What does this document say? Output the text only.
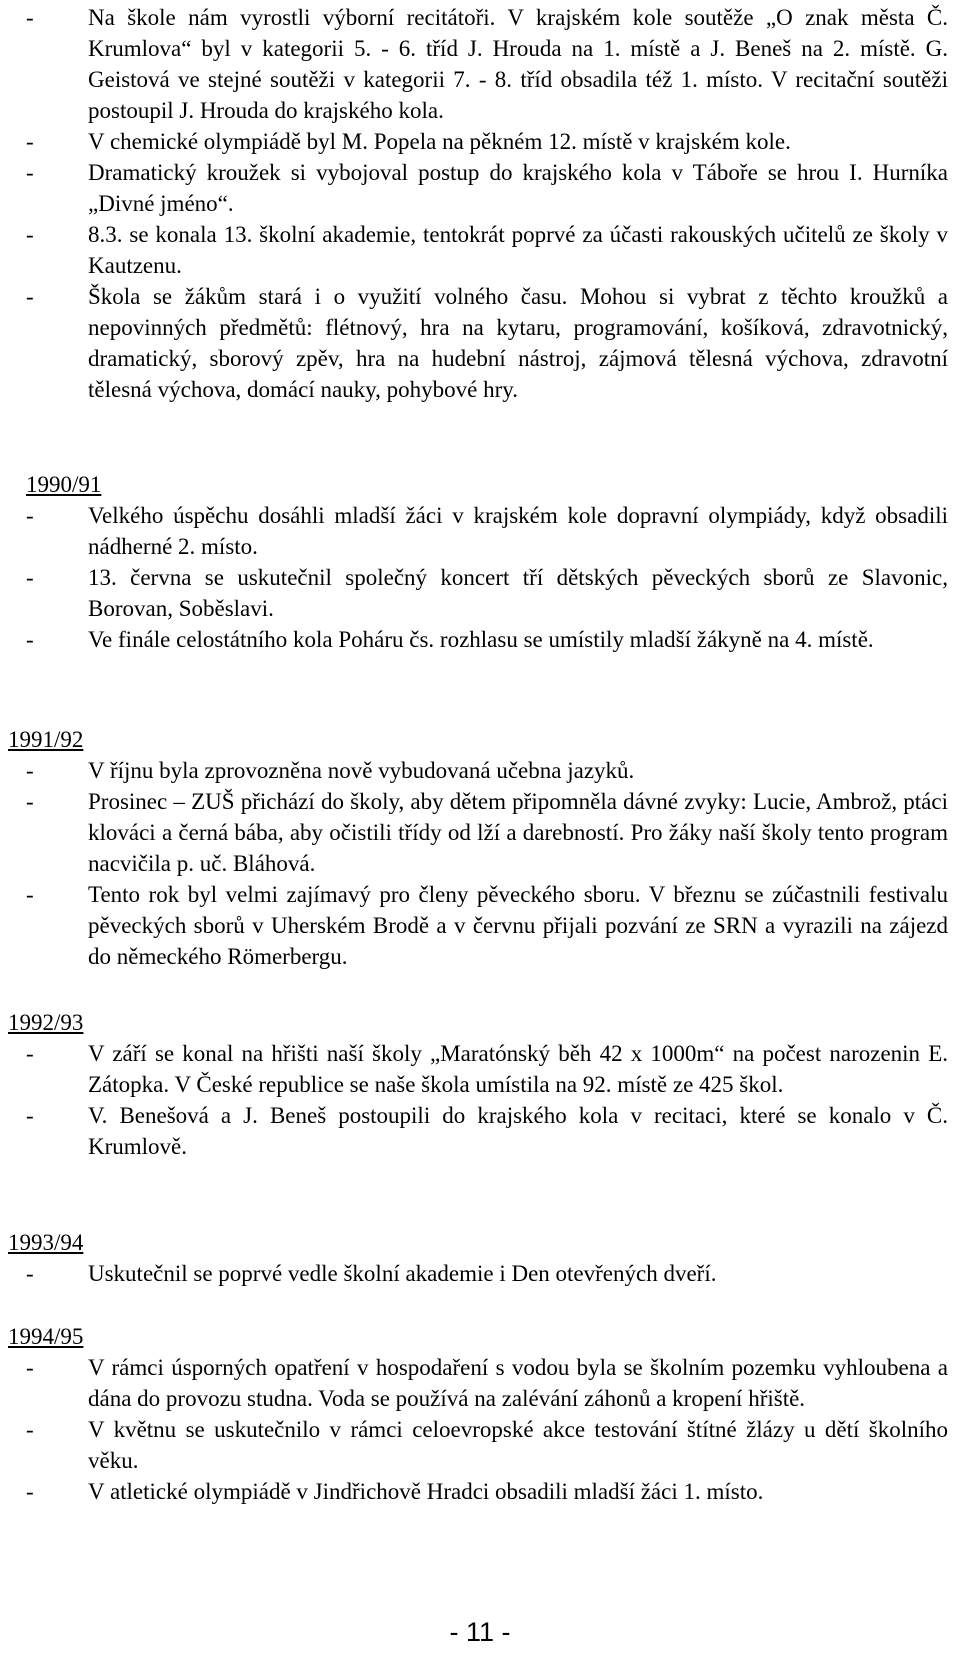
- Na škole nám vyrostli výborní recitátoři. V krajském kole soutěže „O znak města Č. Krumlova“ byl v kategorii 5. - 6. tříd J. Hrouda na 1. místě a J. Beneš na 2. místě. G. Geistová ve stejné soutěži v kategorii 7. - 8. tříd obsadila též 1. místo. V recitační soutěži postoupil J. Hrouda do krajského kola.
- V chemické olympiádě byl M. Popela na pěkném 12. místě v krajském kole.
- Dramatický kroužek si vybojoval postup do krajského kola v Táboře se hrou I. Hurníka „Divné jméno“.
- 8.3. se konala 13. školní akademie, tentokrát poprvé za účasti rakouských učitelů ze školy v Kautzenu.
- Škola se žákům stará i o využití volného času. Mohou si vybrat z těchto kroužků a nepovinných předmětů: flétnový, hra na kytaru, programování, košíková, zdravotnický, dramatický, sborový zpěv, hra na hudební nástroj, zájmová tělesná výchova, zdravotní tělesná výchova, domácí nauky, pohybové hry.
1990/91
- Velkého úspěchu dosáhli mladší žáci v krajském kole dopravní olympiády, když obsadili nádherné 2. místo.
- 13. června se uskutečnil společný koncert tří dětských pěveckých sborů ze Slavonic, Borovan, Soběslavi.
- Ve finále celostátního kola Poháru čs. rozhlasu se umístily mladší žákyně na 4. místě.
1991/92
- V říjnu byla zprovozněna nově vybudovaná učebna jazyků.
- Prosinec – ZUŠ přichází do školy, aby dětem připomněla dávné zvyky: Lucie, Ambrož, ptáci klováci a černá bába, aby očistili třídy od lží a darebností. Pro žáky naší školy tento program nacvičila p. uč. Bláhová.
- Tento rok byl velmi zajímavý pro členy pěveckého sboru. V březnu se zúčastnili festivalu pěveckých sborů v Uherském Brodě a v červnu přijali pozvání ze SRN a vyrazili na zájezd do německého Römerbergu.
1992/93
- V září se konal na hřišti naší školy „Maratónský běh 42 x 1000m“ na počest narozenin E. Zátopka. V České republice se naše škola umístila na 92. místě ze 425 škol.
- V. Benešová a J. Beneš postoupili do krajského kola v recitaci, které se konalo v Č. Krumlově.
1993/94
- Uskutečnil se poprvé vedle školní akademie i Den otevřených dveří.
1994/95
- V rámci úsporných opatření v hospodaření s vodou byla se školním pozemku vyhloubena a dána do provozu studna. Voda se používá na zalévání záhonů a kropení hřiště.
- V květnu se uskutečnilo v rámci celoevropské akce testování štítné žlázy u dětí školního věku.
- V atletické olympiádě v Jindřichově Hradci obsadili mladší žáci 1. místo.
- 11 -
